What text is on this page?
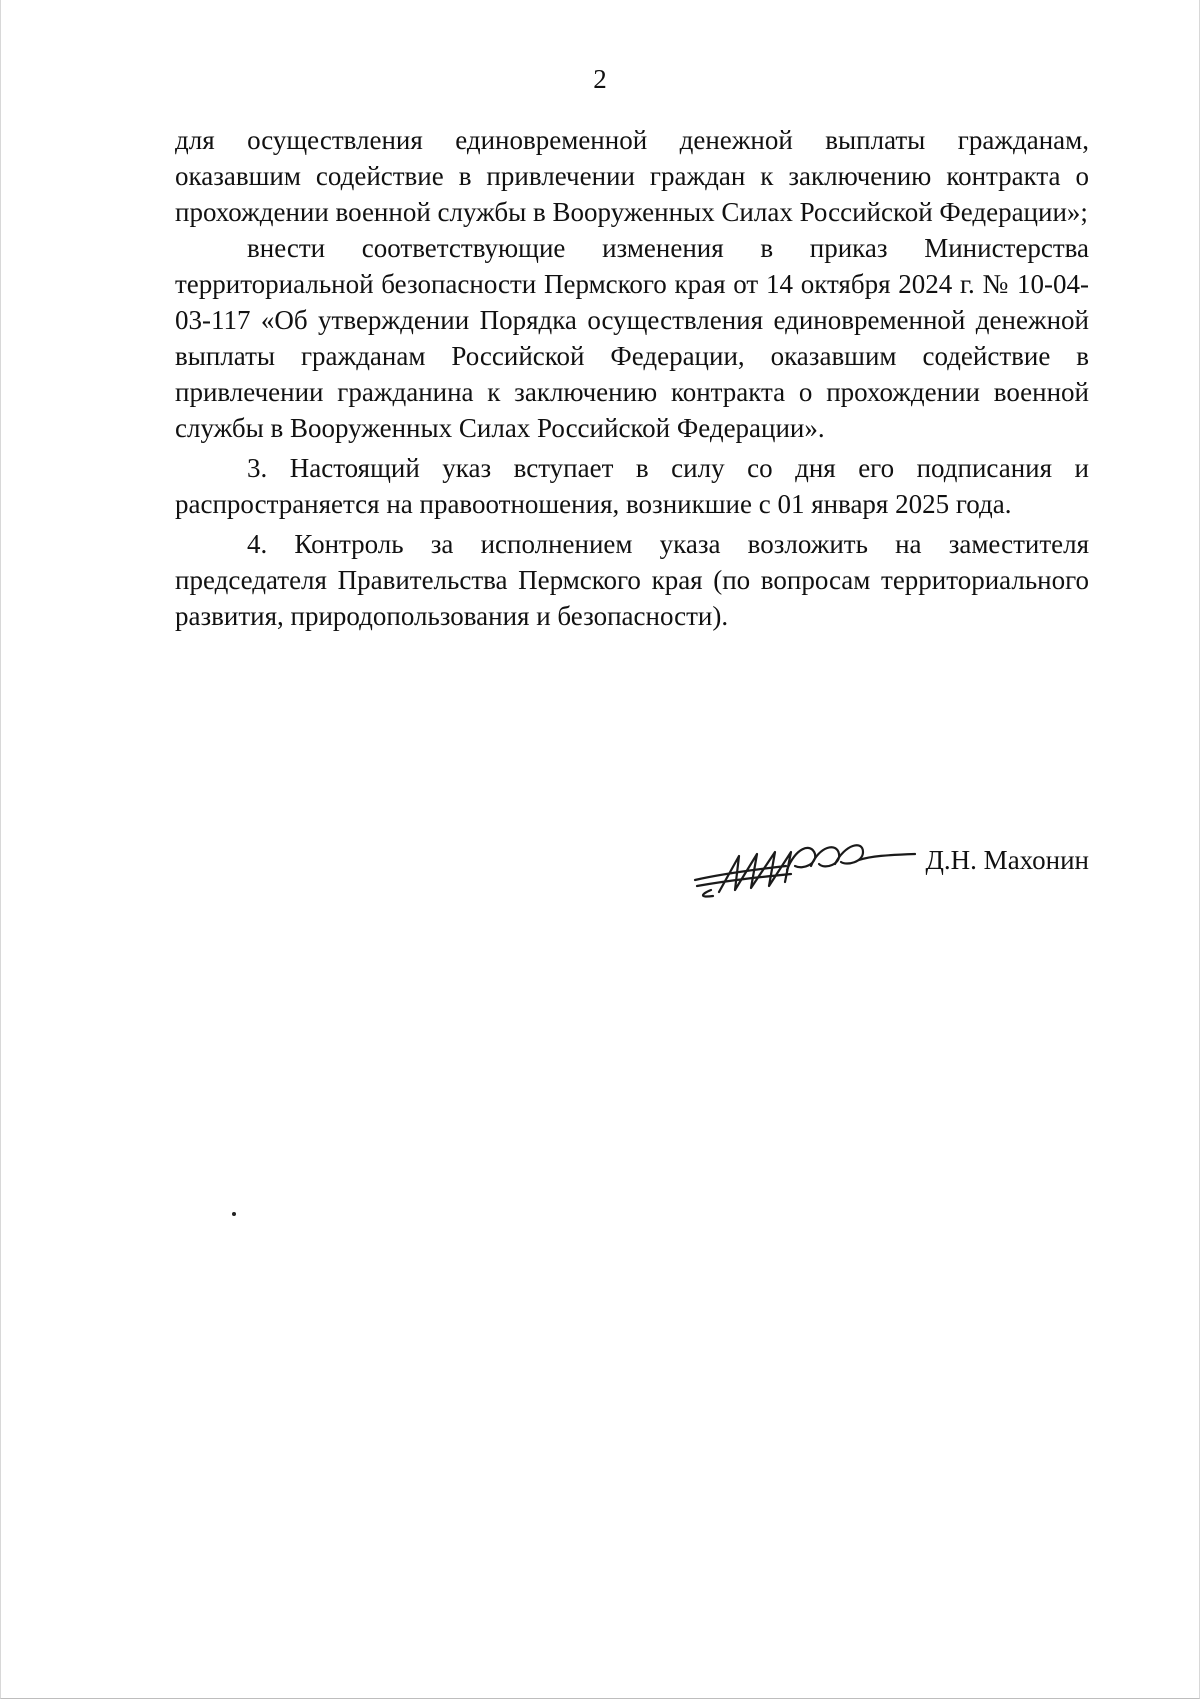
2

для осуществления единовременной денежной выплаты гражданам, оказавшим содействие в привлечении граждан к заключению контракта о прохождении военной службы в Вооруженных Силах Российской Федерации»;

внести соответствующие изменения в приказ Министерства территориальной безопасности Пермского края от 14 октября 2024 г. № 10-04-03-117 «Об утверждении Порядка осуществления единовременной денежной выплаты гражданам Российской Федерации, оказавшим содействие в привлечении гражданина к заключению контракта о прохождении военной службы в Вооруженных Силах Российской Федерации».

3. Настоящий указ вступает в силу со дня его подписания и распространяется на правоотношения, возникшие с 01 января 2025 года.

4. Контроль за исполнением указа возложить на заместителя председателя Правительства Пермского края (по вопросам территориального развития, природопользования и безопасности).

Д.Н. Махонин
